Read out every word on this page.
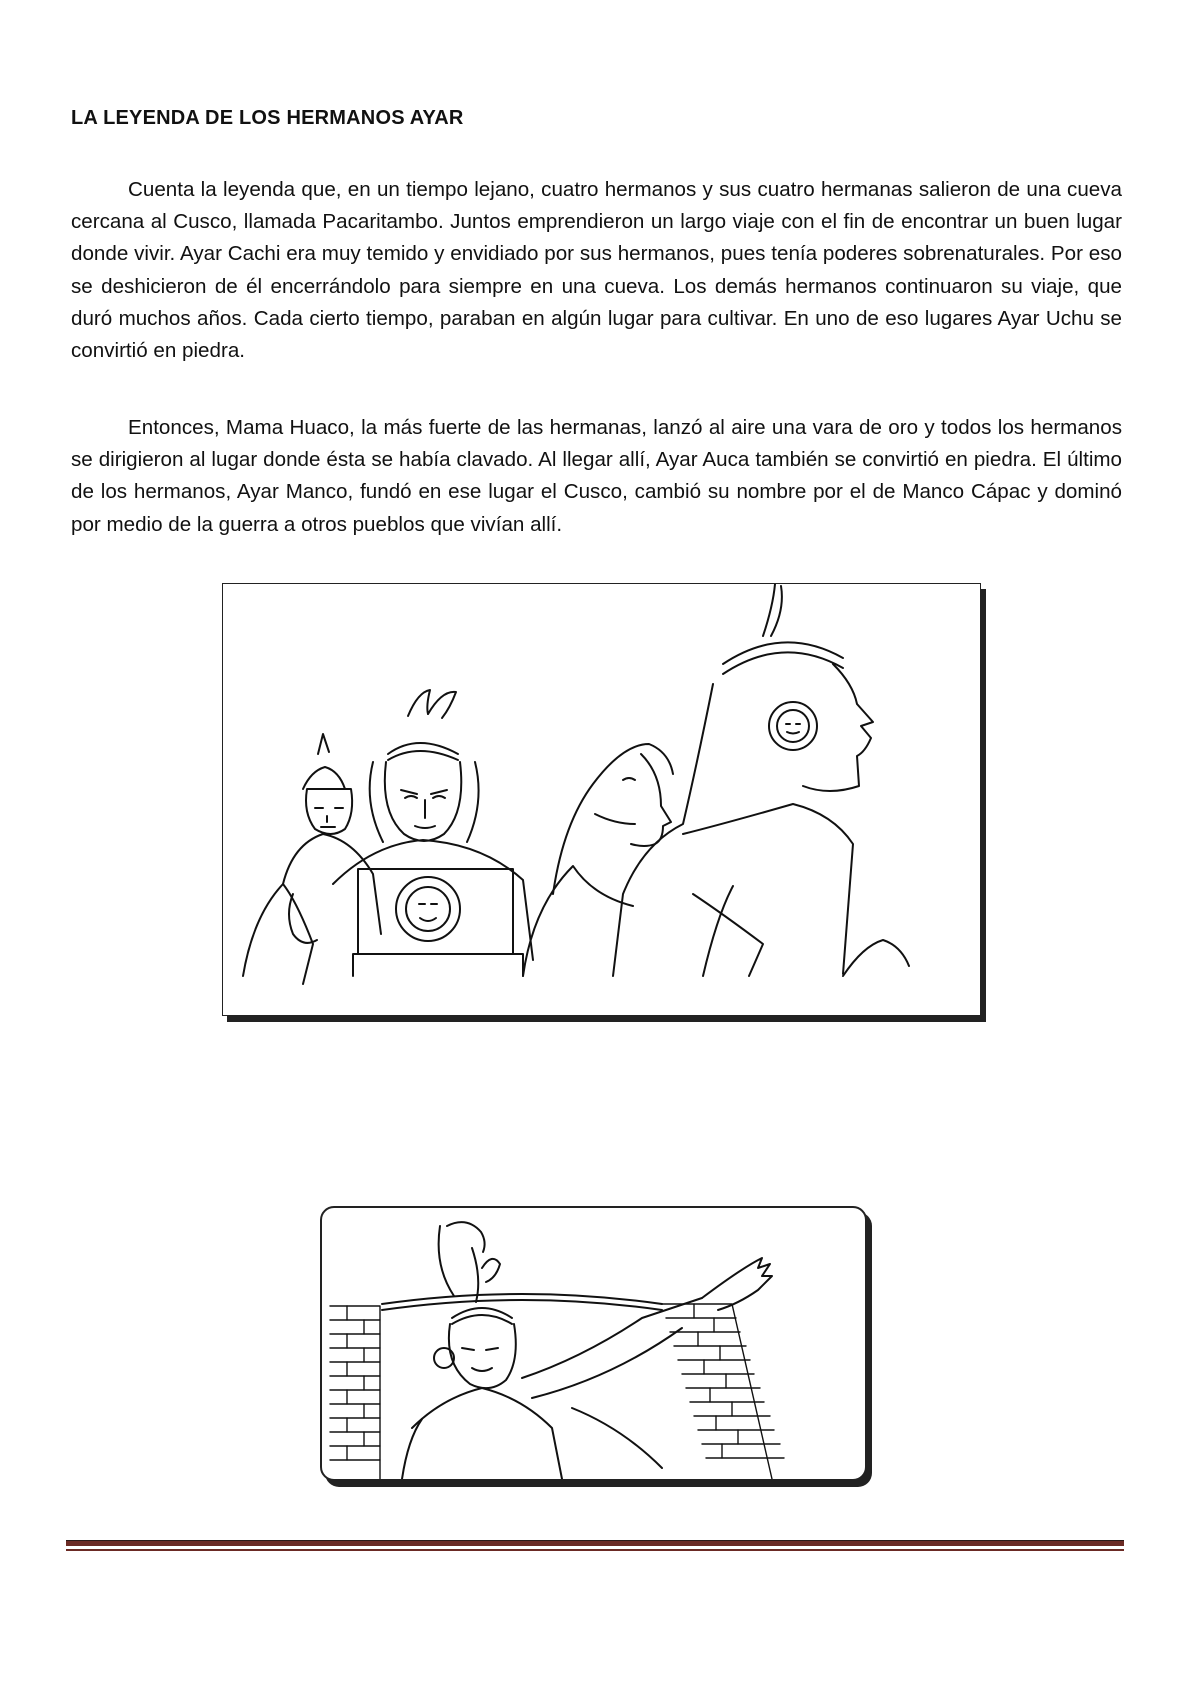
LA LEYENDA DE LOS HERMANOS AYAR

Cuenta la leyenda que, en un tiempo lejano, cuatro hermanos y sus cuatro hermanas salieron de una cueva cercana al Cusco, llamada Pacaritambo. Juntos emprendieron un largo viaje con el fin de encontrar un buen lugar donde vivir. Ayar Cachi era muy temido y envidiado por sus hermanos, pues tenía poderes sobrenaturales. Por eso se deshicieron de él encerrándolo para siempre en una cueva. Los demás hermanos continuaron su viaje, que duró muchos años. Cada cierto tiempo, paraban en algún lugar para cultivar. En uno de eso lugares Ayar Uchu se convirtió en piedra.

Entonces, Mama Huaco, la más fuerte de las hermanas, lanzó al aire una vara de oro y todos los hermanos se dirigieron al lugar donde ésta se había clavado. Al llegar allí, Ayar Auca también se convirtió en piedra. El último de los hermanos, Ayar Manco, fundó en ese lugar el Cusco, cambió su nombre por el de Manco Cápac y dominó por medio de la guerra a otros pueblos que vivían allí.
